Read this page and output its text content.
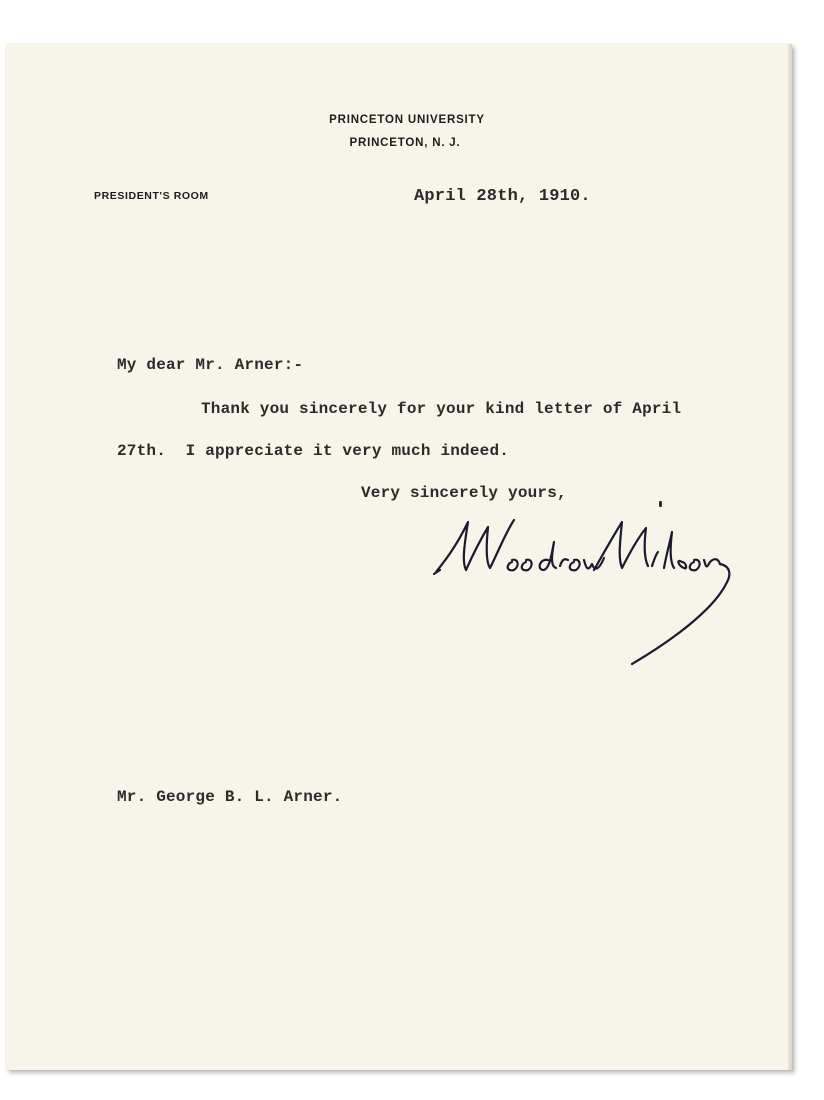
PRINCETON UNIVERSITY
PRINCETON, N. J.
PRESIDENT'S ROOM	April 28th, 1910.
My dear Mr. Arner:-
Thank you sincerely for your kind letter of April
27th.  I appreciate it very much indeed.
Very sincerely yours,
Mr. George B. L. Arner.
